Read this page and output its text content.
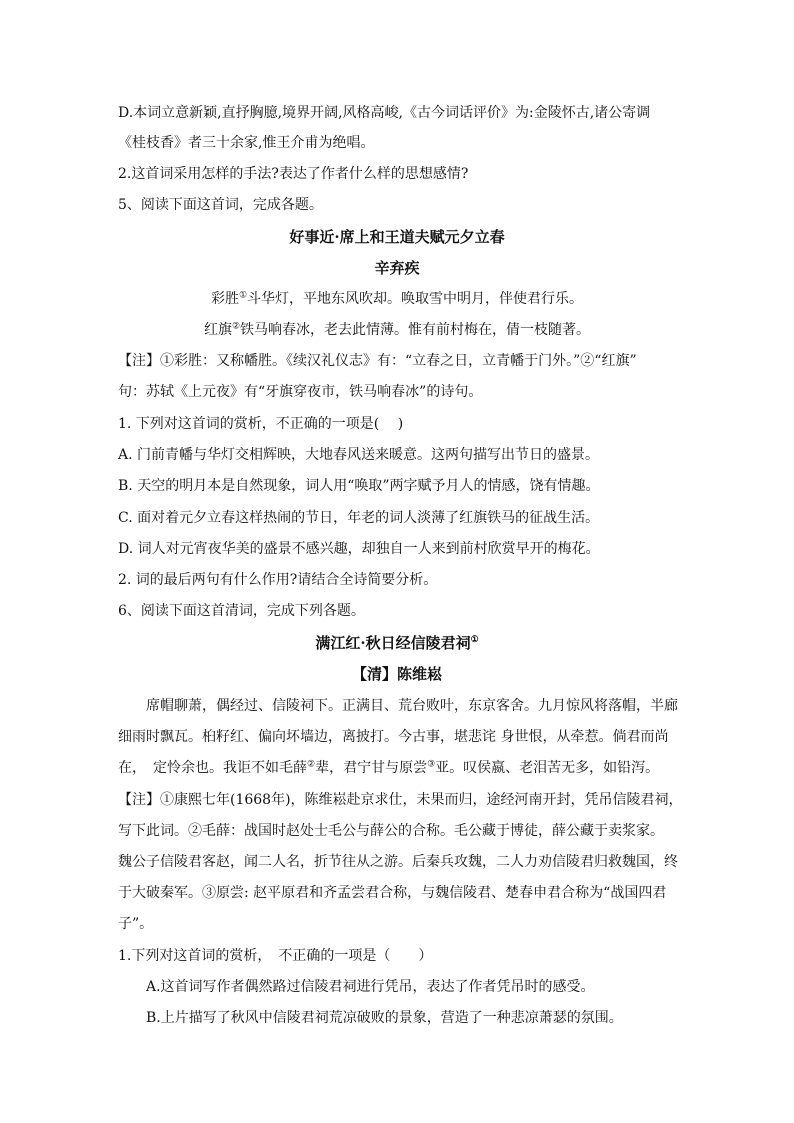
D.本词立意新颖,直抒胸臆,境界开阔,风格高峻,《古今词话评价》为:金陵怀古,诸公寄调
《桂枝香》者三十余家,惟王介甫为绝唱。
2.这首词采用怎样的手法?表达了作者什么样的思想感情?
5、阅读下面这首词，完成各题。
好事近·席上和王道夫赋元夕立春
辛弃疾
彩胜①斗华灯，平地东风吹却。唤取雪中明月，伴使君行乐。
红旗②铁马响春冰，老去此情薄。惟有前村梅在，倩一枝随著。
【注】①彩胜：又称幡胜。《续汉礼仪志》有：“立春之日，立青幡于门外。”②“红旗”
句：苏轼《上元夜》有“牙旗穿夜市，铁马响春冰”的诗句。
1. 下列对这首词的赏析，不正确的一项是(　 )
A. 门前青幡与华灯交相辉映，大地春风送来暖意。这两句描写出节日的盛景。
B. 天空的明月本是自然现象，词人用“唤取”两字赋予月人的情感，饶有情趣。
C. 面对着元夕立春这样热闹的节日，年老的词人淡薄了红旗铁马的征战生活。
D. 词人对元宵夜华美的盛景不感兴趣，却独自一人来到前村欣赏早开的梅花。
2. 词的最后两句有什么作用?请结合全诗简要分析。
6、阅读下面这首清词，完成下列各题。
满江红·秋日经信陵君祠①
【清】陈维崧
席帽聊萧，偶经过、信陵祠下。正满目、荒台败叶，东京客舍。九月惊风将落帽，半廊
细雨时飘瓦。桕籽红、偏向坏墙边，离披打。今古事，堪悲诧 身世恨，从牵惹。倘君而尚
在，　定怜余也。我讵不如毛薛②辈，君宁甘与原尝③亚。叹侯嬴、老泪苦无多，如铅泻。
【注】①康熙七年(1668年)，陈维崧赴京求仕，未果而归，途经河南开封，凭吊信陵君祠，
写下此词。②毛薛：战国时赵处士毛公与薛公的合称。毛公藏于博徒，薛公藏于卖浆家。
魏公子信陵君客赵，闻二人名，折节往从之游。后秦兵攻魏，二人力劝信陵君归救魏国，终
于大破秦军。③原尝: 赵平原君和齐孟尝君合称，与魏信陵君、楚春申君合称为“战国四君
子”。
1.下列对这首词的赏析，　不正确的一项是（　　）
A.这首词写作者偶然路过信陵君祠进行凭吊，表达了作者凭吊时的感受。
B.上片描写了秋风中信陵君祠荒凉破败的景象，营造了一种悲凉萧瑟的氛围。
